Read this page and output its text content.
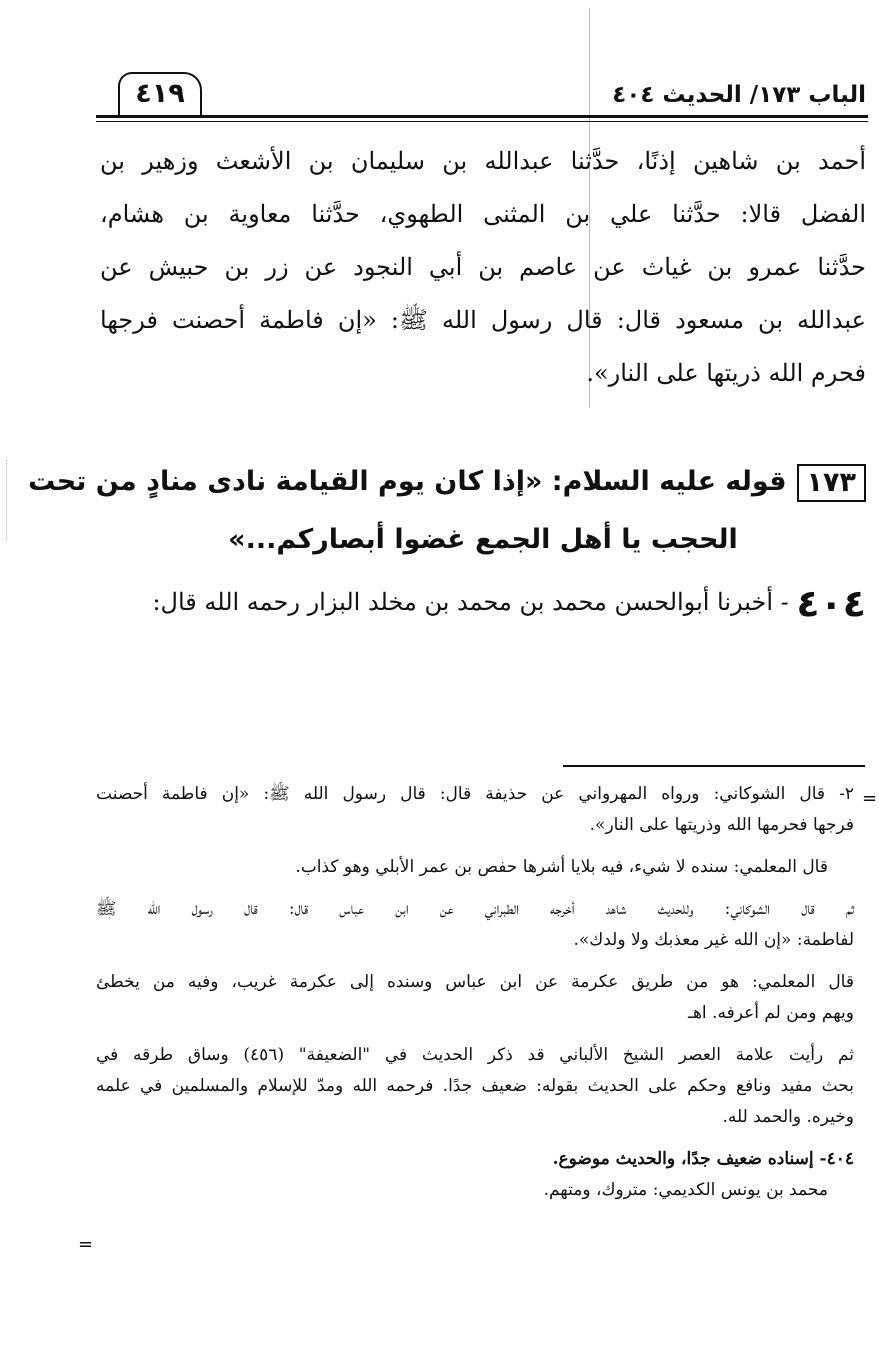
٤١٩	الباب ١٧٣/ الحديث ٤٠٤
أحمد بن شاهين إذنًا، حدَّثنا عبدالله بن سليمان بن الأشعث وزهير بن
الفضل قالا: حدَّثنا علي بن المثنى الطهوي، حدَّثنا معاوية بن هشام،
حدَّثنا عمرو بن غياث عن عاصم بن أبي النجود عن زر بن حبيش عن
عبدالله بن مسعود قال: قال رسول الله ﷺ: «إن فاطمة أحصنت فرجها
فحرم الله ذريتها على النار».
١٧٣قوله عليه السلام: «إذا كان يوم القيامة نادى منادٍ من تحت
الحجب يا أهل الجمع غضوا أبصاركم...»
٤٠٤ - أخبرنا أبوالحسن محمد بن محمد بن مخلد البزار رحمه الله قال:
=
=
٢- قال الشوكاني: ورواه المهرواني عن حذيفة قال: قال رسول الله ﷺ: «إن فاطمة أحصنت
فرجها فحرمها الله وذريتها على النار».
قال المعلمي: سنده لا شيء، فيه بلايا أشرها حفص بن عمر الأبلي وهو كذاب.
ثم قال الشوكاني: وللحديث شاهد أخرجه الطبراني عن ابن عباس قال: قال رسول الله ﷺ
لفاطمة: «إن الله غير معذبك ولا ولدك».
قال المعلمي: هو من طريق عكرمة عن ابن عباس وسنده إلى عكرمة غريب، وفيه من يخطئ
ويهم ومن لم أعرفه. اهـ
ثم رأيت علامة العصر الشيخ الألباني قد ذكر الحديث في "الضعيفة" (٤٥٦) وساق طرقه في
بحث مفيد ونافع وحكم على الحديث بقوله: ضعيف جدًا. فرحمه الله ومدّ للإسلام والمسلمين في علمه
وخيره. والحمد لله.
٤٠٤- إسناده ضعيف جدًا، والحديث موضوع.
محمد بن يونس الكديمي: متروك، ومتهم.
